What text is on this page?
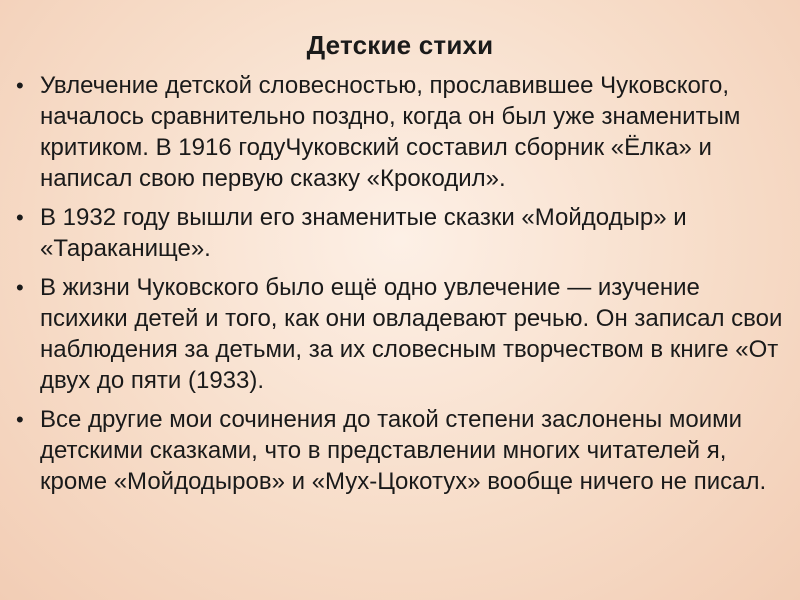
Детские стихи
• Увлечение детской словесностью, прославившее Чуковского, началось сравнительно поздно, когда он был уже знаменитым критиком. В 1916 годуЧуковский составил сборник «Ёлка» и написал свою первую сказку «Крокодил».
• В 1932 году вышли его знаменитые сказки «Мойдодыр» и «Тараканище».
• В жизни Чуковского было ещё одно увлечение — изучение психики детей и того, как они овладевают речью. Он записал свои наблюдения за детьми, за их словесным творчеством в книге «От двух до пяти (1933).
• Все другие мои сочинения до такой степени заслонены моими детскими сказками, что в представлении многих читателей я, кроме «Мойдодыров» и «Мух-Цокотух» вообще ничего не писал.
